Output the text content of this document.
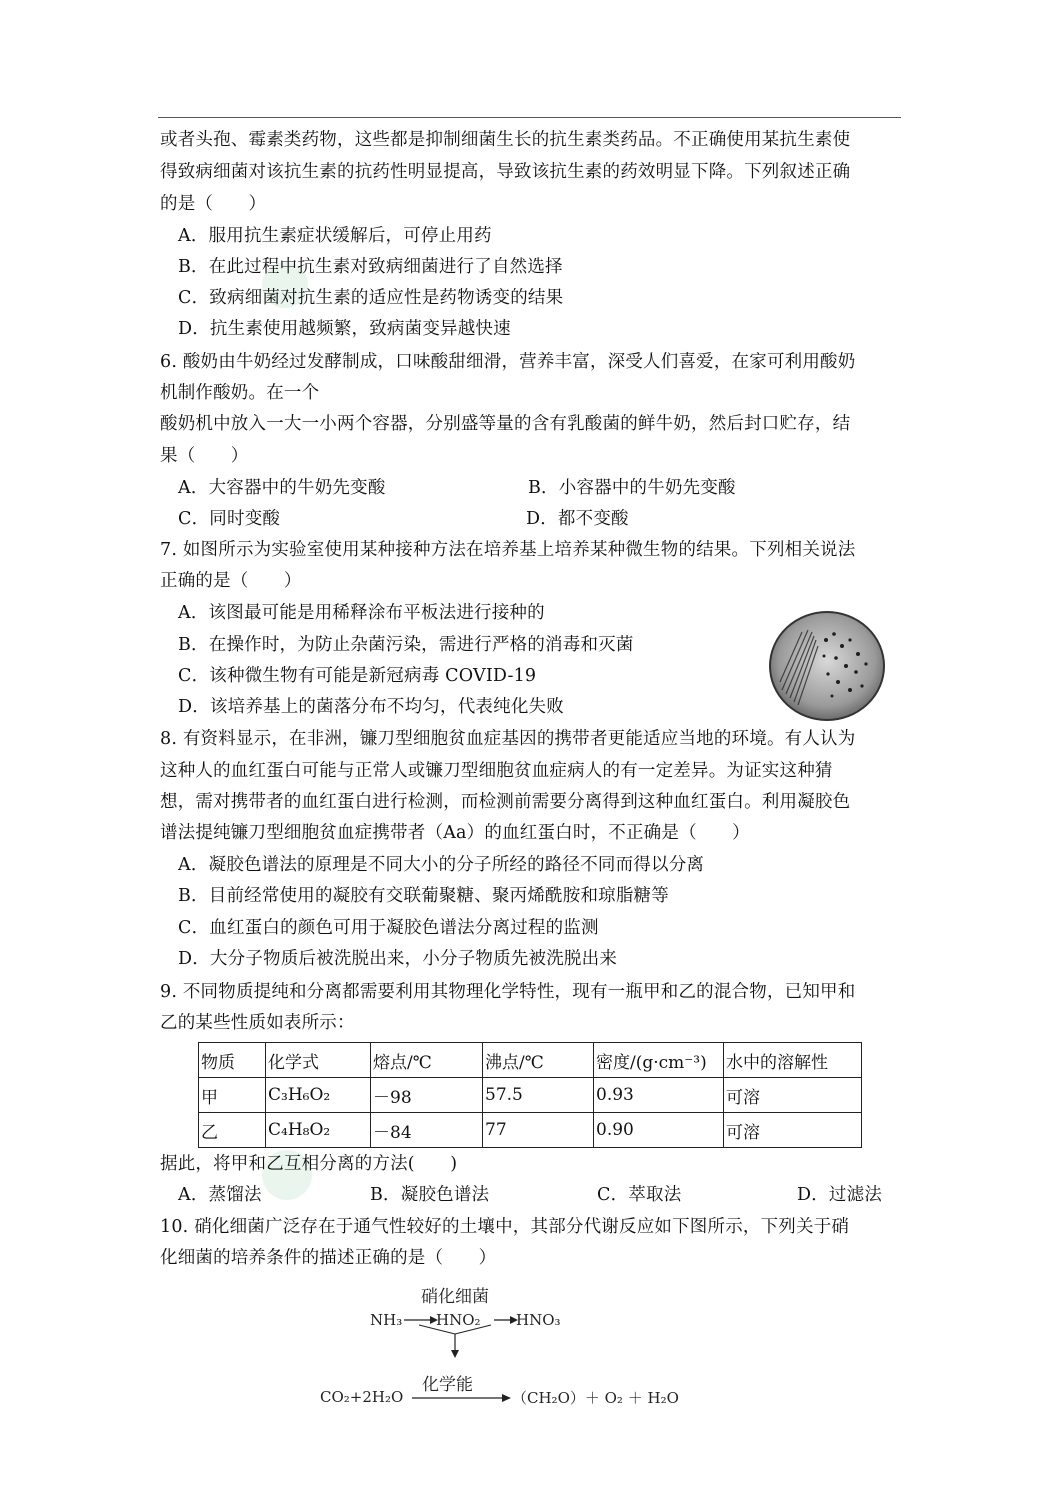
或者头孢、霉素类药物，这些都是抑制细菌生长的抗生素类药品。不正确使用某抗生素使
得致病细菌对该抗生素的抗药性明显提高，导致该抗生素的药效明显下降。下列叙述正确
的是（　　）
A．服用抗生素症状缓解后，可停止用药
B．在此过程中抗生素对致病细菌进行了自然选择
C．致病细菌对抗生素的适应性是药物诱变的结果
D．抗生素使用越频繁，致病菌变异越快速
6. 酸奶由牛奶经过发酵制成，口味酸甜细滑，营养丰富，深受人们喜爱，在家可利用酸奶
机制作酸奶。在一个
酸奶机中放入一大一小两个容器，分别盛等量的含有乳酸菌的鲜牛奶，然后封口贮存，结
果（　　）
A．大容器中的牛奶先变酸	B．小容器中的牛奶先变酸
C．同时变酸	D．都不变酸
7. 如图所示为实验室使用某种接种方法在培养基上培养某种微生物的结果。下列相关说法
正确的是（　　）
A．该图最可能是用稀释涂布平板法进行接种的
B．在操作时，为防止杂菌污染，需进行严格的消毒和灭菌
C．该种微生物有可能是新冠病毒 COVID-19
D．该培养基上的菌落分布不均匀，代表纯化失败
8. 有资料显示，在非洲，镰刀型细胞贫血症基因的携带者更能适应当地的环境。有人认为
这种人的血红蛋白可能与正常人或镰刀型细胞贫血症病人的有一定差异。为证实这种猜
想，需对携带者的血红蛋白进行检测，而检测前需要分离得到这种血红蛋白。利用凝胶色
谱法提纯镰刀型细胞贫血症携带者（Aa）的血红蛋白时，不正确是（　　）
A．凝胶色谱法的原理是不同大小的分子所经的路径不同而得以分离
B．目前经常使用的凝胶有交联葡聚糖、聚丙烯酰胺和琼脂糖等
C．血红蛋白的颜色可用于凝胶色谱法分离过程的监测
D．大分子物质后被洗脱出来，小分子物质先被洗脱出来
9. 不同物质提纯和分离都需要利用其物理化学特性，现有一瓶甲和乙的混合物，已知甲和
乙的某些性质如表所示：
物质	化学式	熔点/℃	沸点/℃	密度/(g·cm⁻³)	水中的溶解性
甲	C₃H₆O₂	－98	57.5	0.93	可溶
乙	C₄H₈O₂	－84	77	0.90	可溶
据此，将甲和乙互相分离的方法(　　)
A．蒸馏法	B．凝胶色谱法	C．萃取法	D．过滤法
10. 硝化细菌广泛存在于通气性较好的土壤中，其部分代谢反应如下图所示，下列关于硝
化细菌的培养条件的描述正确的是（　　）
硝化细菌
NH₃ HNO₂ HNO₃
化学能
CO₂+2H₂O	（CH₂O）＋ O₂ ＋ H₂O
